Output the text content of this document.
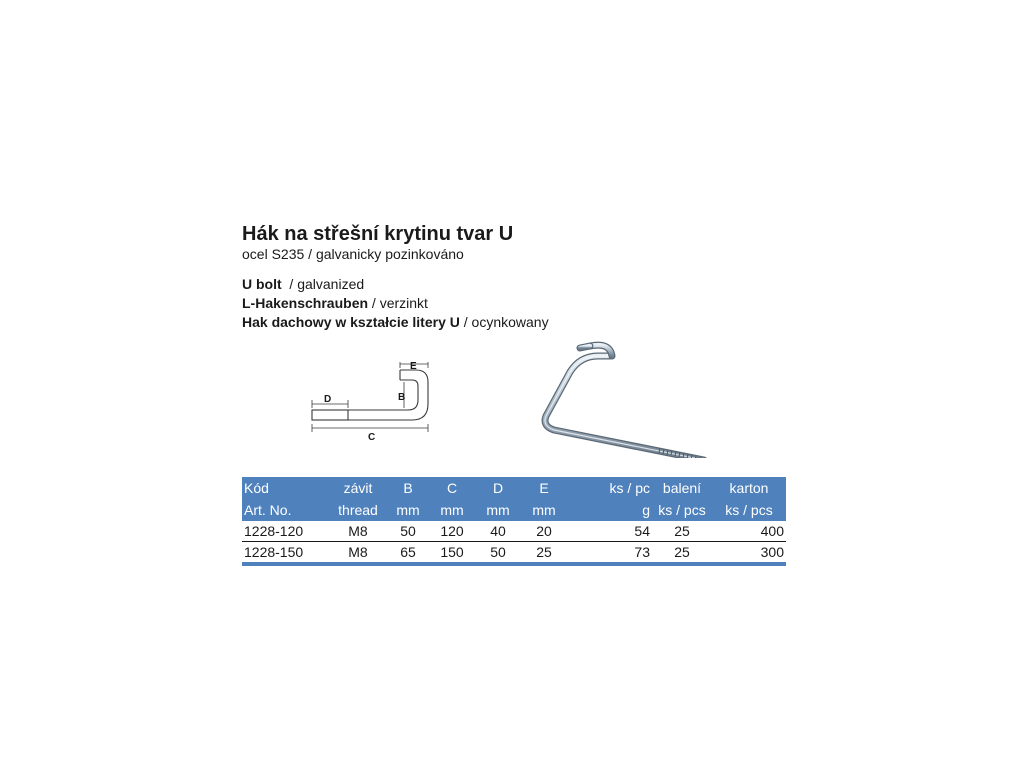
Hák na střešní krytinu tvar U

ocel S235 / galvanicky pozinkováno

U bolt  / galvanized
L-Hakenschrauben / verzinkt
Hak dachowy w kształcie litery U / ocynkowany
E
B
D
C
Kód	závit	B	C	D	E	ks / pc	balení	karton
Art. No.	thread	mm	mm	mm	mm	g	ks / pcs	ks / pcs
1228-120	M8	50	120	40	20	54	25	400
1228-150	M8	65	150	50	25	73	25	300
